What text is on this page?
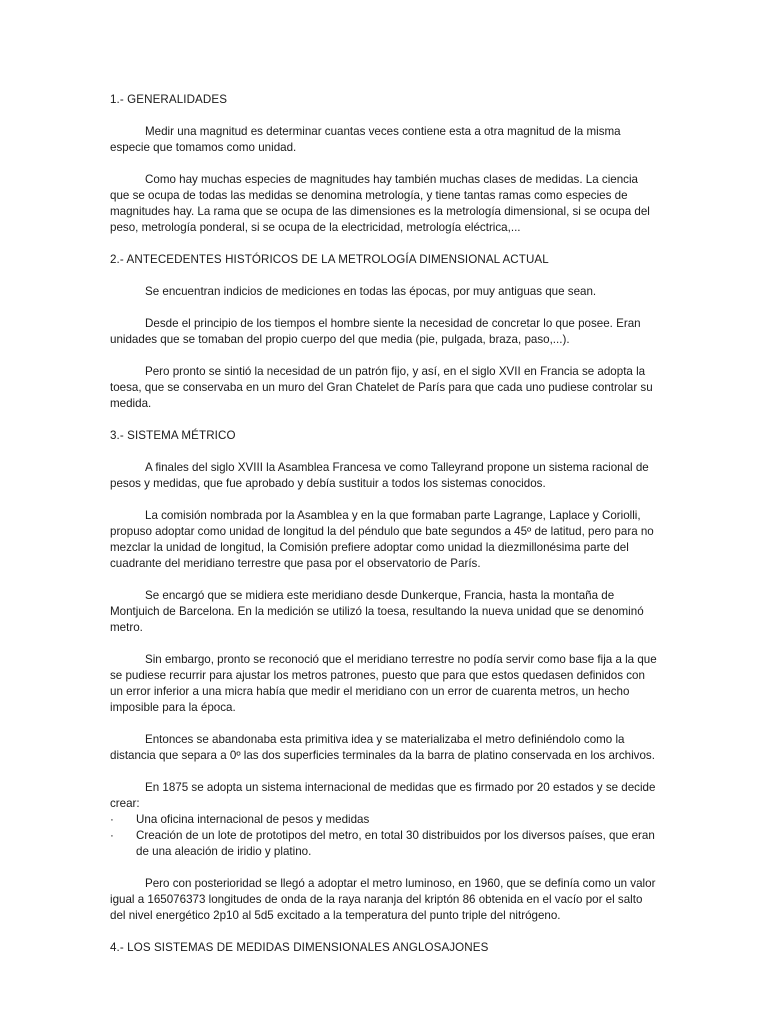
1.- GENERALIDADES

Medir una magnitud es determinar cuantas veces contiene esta a otra magnitud de la misma especie que tomamos como unidad.

Como hay muchas especies de magnitudes hay también muchas clases de medidas. La ciencia que se ocupa de todas las medidas se denomina metrología, y tiene tantas ramas como especies de magnitudes hay. La rama que se ocupa de las dimensiones es la metrología dimensional, si se ocupa del peso, metrología ponderal, si se ocupa de la electricidad, metrología eléctrica,...

2.- ANTECEDENTES HISTÓRICOS DE LA METROLOGÍA DIMENSIONAL ACTUAL

Se encuentran indicios de mediciones en todas las épocas, por muy antiguas que sean.

Desde el principio de los tiempos el hombre siente la necesidad de concretar lo que posee. Eran unidades que se tomaban del propio cuerpo del que media (pie, pulgada, braza, paso,...).

Pero pronto se sintió la necesidad de un patrón fijo, y así, en el siglo XVII en Francia se adopta la toesa, que se conservaba en un muro del Gran Chatelet de París para que cada uno pudiese controlar su medida.

3.- SISTEMA MÉTRICO

A finales del siglo XVIII la Asamblea Francesa ve como Talleyrand propone un sistema racional de pesos y medidas, que fue aprobado y debía sustituir a todos los sistemas conocidos.

La comisión nombrada por la Asamblea y en la que formaban parte Lagrange, Laplace y Coriolli, propuso adoptar como unidad de longitud la del péndulo que bate segundos a 45º de latitud, pero para no mezclar la unidad de longitud, la Comisión prefiere adoptar como unidad la diezmillonésima parte del cuadrante del meridiano terrestre que pasa por el observatorio de París.

Se encargó que se midiera este meridiano desde Dunkerque, Francia, hasta la montaña de Montjuich de Barcelona. En la medición se utilizó la toesa, resultando la nueva unidad que se denominó metro.

Sin embargo, pronto se reconoció que el meridiano terrestre no podía servir como base fija a la que se pudiese recurrir para ajustar los metros patrones, puesto que para que estos quedasen definidos con un error inferior a una micra había que medir el meridiano con un error de cuarenta metros, un hecho imposible para la época.

Entonces se abandonaba esta primitiva idea y se materializaba el metro definiéndolo como la distancia que separa a 0º las dos superficies terminales da la barra de platino conservada en los archivos.

En 1875 se adopta un sistema internacional de medidas que es firmado por 20 estados y se decide crear:

· Una oficina internacional de pesos y medidas
· Creación de un lote de prototipos del metro, en total 30 distribuidos por los diversos países, que eran de una aleación de iridio y platino.

Pero con posterioridad se llegó a adoptar el metro luminoso, en 1960, que se definía como un valor igual a 165076373 longitudes de onda de la raya naranja del kriptón 86 obtenida en el vacío por el salto del nivel energético 2p10 al 5d5 excitado a la temperatura del punto triple del nitrógeno.

4.- LOS SISTEMAS DE MEDIDAS DIMENSIONALES ANGLOSAJONES
